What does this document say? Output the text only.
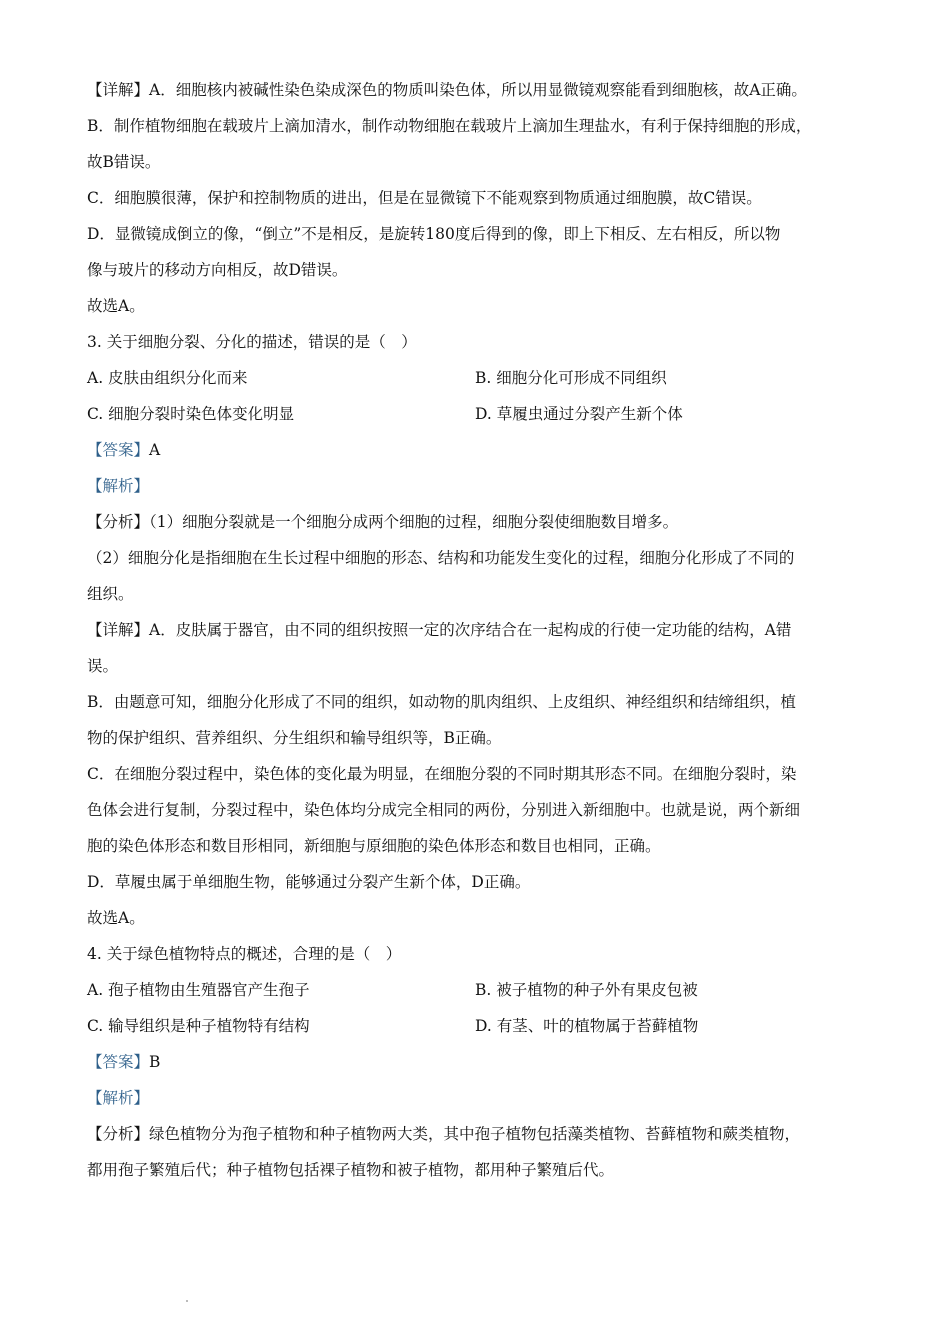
【详解】A．细胞核内被碱性染色染成深色的物质叫染色体，所以用显微镜观察能看到细胞核，故A正确。
B．制作植物细胞在载玻片上滴加清水，制作动物细胞在载玻片上滴加生理盐水，有利于保持细胞的形成，
故B错误。
C．细胞膜很薄，保护和控制物质的进出，但是在显微镜下不能观察到物质通过细胞膜，故C错误。
D．显微镜成倒立的像，“倒立”不是相反，是旋转180度后得到的像，即上下相反、左右相反，所以物
像与玻片的移动方向相反，故D错误。
故选A。
3. 关于细胞分裂、分化的描述，错误的是（　）
A. 皮肤由组织分化而来	B. 细胞分化可形成不同组织
C. 细胞分裂时染色体变化明显	D. 草履虫通过分裂产生新个体
【答案】A
【解析】
【分析】（1）细胞分裂就是一个细胞分成两个细胞的过程，细胞分裂使细胞数目增多。
（2）细胞分化是指细胞在生长过程中细胞的形态、结构和功能发生变化的过程，细胞分化形成了不同的
组织。
【详解】A．皮肤属于器官，由不同的组织按照一定的次序结合在一起构成的行使一定功能的结构，A错
误。
B．由题意可知，细胞分化形成了不同的组织，如动物的肌肉组织、上皮组织、神经组织和结缔组织，植
物的保护组织、营养组织、分生组织和输导组织等，B正确。
C．在细胞分裂过程中，染色体的变化最为明显，在细胞分裂的不同时期其形态不同。在细胞分裂时，染
色体会进行复制，分裂过程中，染色体均分成完全相同的两份，分别进入新细胞中。也就是说，两个新细
胞的染色体形态和数目形相同，新细胞与原细胞的染色体形态和数目也相同，正确。
D．草履虫属于单细胞生物，能够通过分裂产生新个体，D正确。
故选A。
4. 关于绿色植物特点的概述，合理的是（　）
A. 孢子植物由生殖器官产生孢子	B. 被子植物的种子外有果皮包被
C. 输导组织是种子植物特有结构	D. 有茎、叶的植物属于苔藓植物
【答案】B
【解析】
【分析】绿色植物分为孢子植物和种子植物两大类，其中孢子植物包括藻类植物、苔藓植物和蕨类植物，
都用孢子繁殖后代；种子植物包括裸子植物和被子植物，都用种子繁殖后代。
